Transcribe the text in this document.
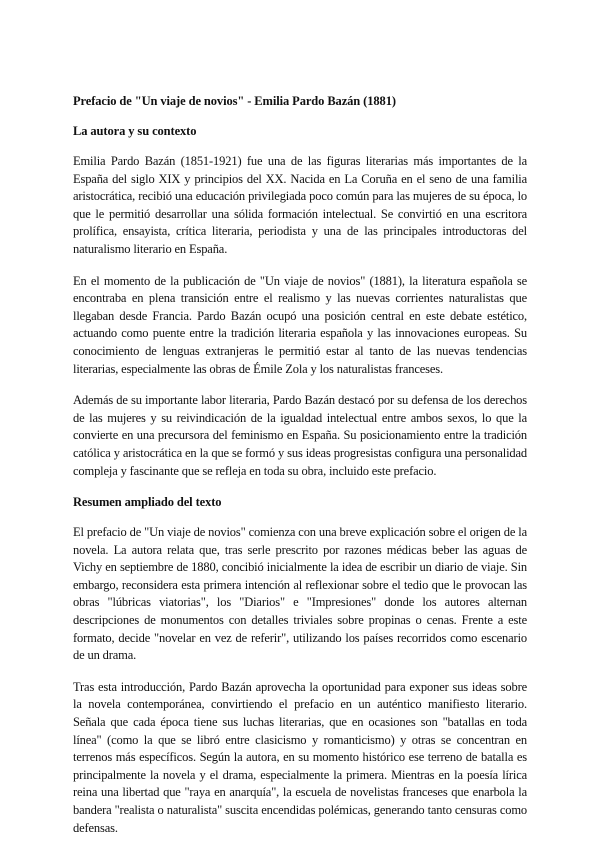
Prefacio de "Un viaje de novios" - Emilia Pardo Bazán (1881)
La autora y su contexto

Emilia Pardo Bazán (1851-1921) fue una de las figuras literarias más importantes de la España del siglo XIX y principios del XX. Nacida en La Coruña en el seno de una familia aristocrática, recibió una educación privilegiada poco común para las mujeres de su época, lo que le permitió desarrollar una sólida formación intelectual. Se convirtió en una escritora prolífica, ensayista, crítica literaria, periodista y una de las principales introductoras del naturalismo literario en España.

En el momento de la publicación de "Un viaje de novios" (1881), la literatura española se encontraba en plena transición entre el realismo y las nuevas corrientes naturalistas que llegaban desde Francia. Pardo Bazán ocupó una posición central en este debate estético, actuando como puente entre la tradición literaria española y las innovaciones europeas. Su conocimiento de lenguas extranjeras le permitió estar al tanto de las nuevas tendencias literarias, especialmente las obras de Émile Zola y los naturalistas franceses.

Además de su importante labor literaria, Pardo Bazán destacó por su defensa de los derechos de las mujeres y su reivindicación de la igualdad intelectual entre ambos sexos, lo que la convierte en una precursora del feminismo en España. Su posicionamiento entre la tradición católica y aristocrática en la que se formó y sus ideas progresistas configura una personalidad compleja y fascinante que se refleja en toda su obra, incluido este prefacio.

Resumen ampliado del texto

El prefacio de "Un viaje de novios" comienza con una breve explicación sobre el origen de la novela. La autora relata que, tras serle prescrito por razones médicas beber las aguas de Vichy en septiembre de 1880, concibió inicialmente la idea de escribir un diario de viaje. Sin embargo, reconsidera esta primera intención al reflexionar sobre el tedio que le provocan las obras "lúbricas viatorias", los "Diarios" e "Impresiones" donde los autores alternan descripciones de monumentos con detalles triviales sobre propinas o cenas. Frente a este formato, decide "novelar en vez de referir", utilizando los países recorridos como escenario de un drama.

Tras esta introducción, Pardo Bazán aprovecha la oportunidad para exponer sus ideas sobre la novela contemporánea, convirtiendo el prefacio en un auténtico manifiesto literario. Señala que cada época tiene sus luchas literarias, que en ocasiones son "batallas en toda línea" (como la que se libró entre clasicismo y romanticismo) y otras se concentran en terrenos más específicos. Según la autora, en su momento histórico ese terreno de batalla es principalmente la novela y el drama, especialmente la primera. Mientras en la poesía lírica reina una libertad que "raya en anarquía", la escuela de novelistas franceses que enarbola la bandera "realista o naturalista" suscita encendidas polémicas, generando tanto censuras como defensas.
